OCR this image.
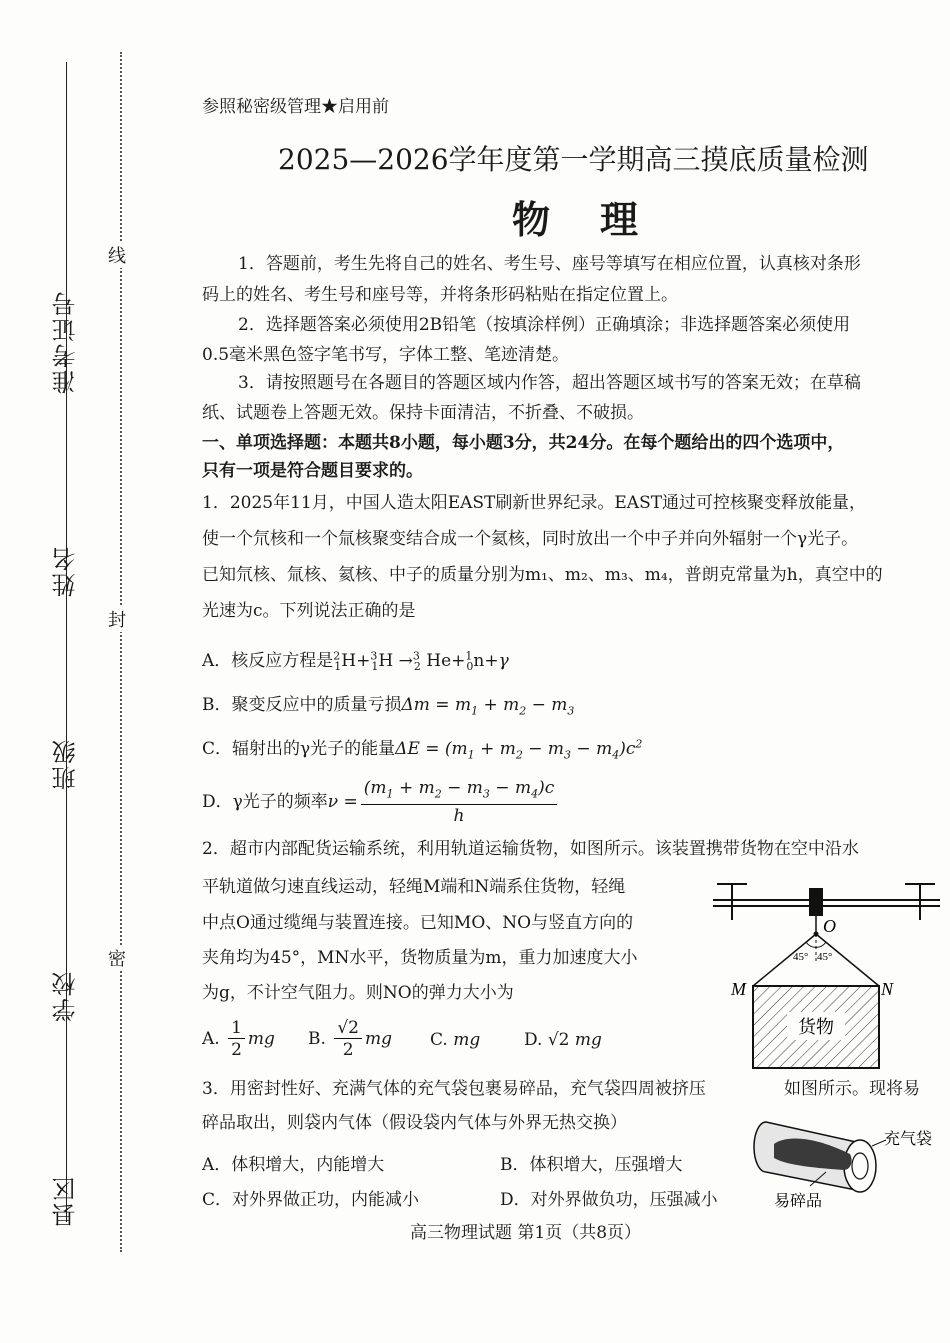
准考证号
姓名
班级
学校
县区
线
封
密
参照秘密级管理★启用前
2025—2026学年度第一学期高三摸底质量检测
物　理
1．答题前，考生先将自己的姓名、考生号、座号等填写在相应位置，认真核对条形
码上的姓名、考生号和座号等，并将条形码粘贴在指定位置上。
2．选择题答案必须使用2B铅笔（按填涂样例）正确填涂；非选择题答案必须使用
0.5毫米黑色签字笔书写，字体工整、笔迹清楚。
3．请按照题号在各题目的答题区域内作答，超出答题区域书写的答案无效；在草稿
纸、试题卷上答题无效。保持卡面清洁，不折叠、不破损。
一、单项选择题：本题共8小题，每小题3分，共24分。在每个题给出的四个选项中，
只有一项是符合题目要求的。
1．2025年11月，中国人造太阳EAST刷新世界纪录。EAST通过可控核聚变释放能量，
使一个氘核和一个氚核聚变结合成一个氦核，同时放出一个中子并向外辐射一个γ光子。
已知氘核、氚核、氦核、中子的质量分别为m₁、m₂、m₃、m₄，普朗克常量为h，真空中的
光速为c。下列说法正确的是
A．核反应方程是$^2_1$H+$^3_1$H →$^3_2$ He+$^1_0$n+γ
B．聚变反应中的质量亏损$\Delta m = m_1 + m_2 - m_3$
C．辐射出的γ光子的能量$\Delta E = (m_1 + m_2 - m_3 - m_4)c^2$
D．γ光子的频率$\nu = \frac{(m_1 + m_2 - m_3 - m_4)c}{h}$
2．超市内部配货运输系统，利用轨道运输货物，如图所示。该装置携带货物在空中沿水
平轨道做匀速直线运动，轻绳M端和N端系住货物，轻绳
中点O通过缆绳与装置连接。已知MO、NO与竖直方向的
夹角均为45°，MN水平，货物质量为m，重力加速度大小
为g，不计空气阻力。则NO的弹力大小为
A. $\frac{1}{2}$ mg B. $\frac{√2}{2}$ mg C. mg	D. √2 mg
O
45° 45°
M	N
货物
3．用密封性好、充满气体的充气袋包裹易碎品，充气袋四周被挤压	如图所示。现将易
碎品取出，则袋内气体（假设袋内气体与外界无热交换）
A．体积增大，内能增大	B．体积增大，压强增大
C．对外界做正功，内能减小	D．对外界做负功，压强减小
充气袋
易碎品
高三物理试题 第1页（共8页）
